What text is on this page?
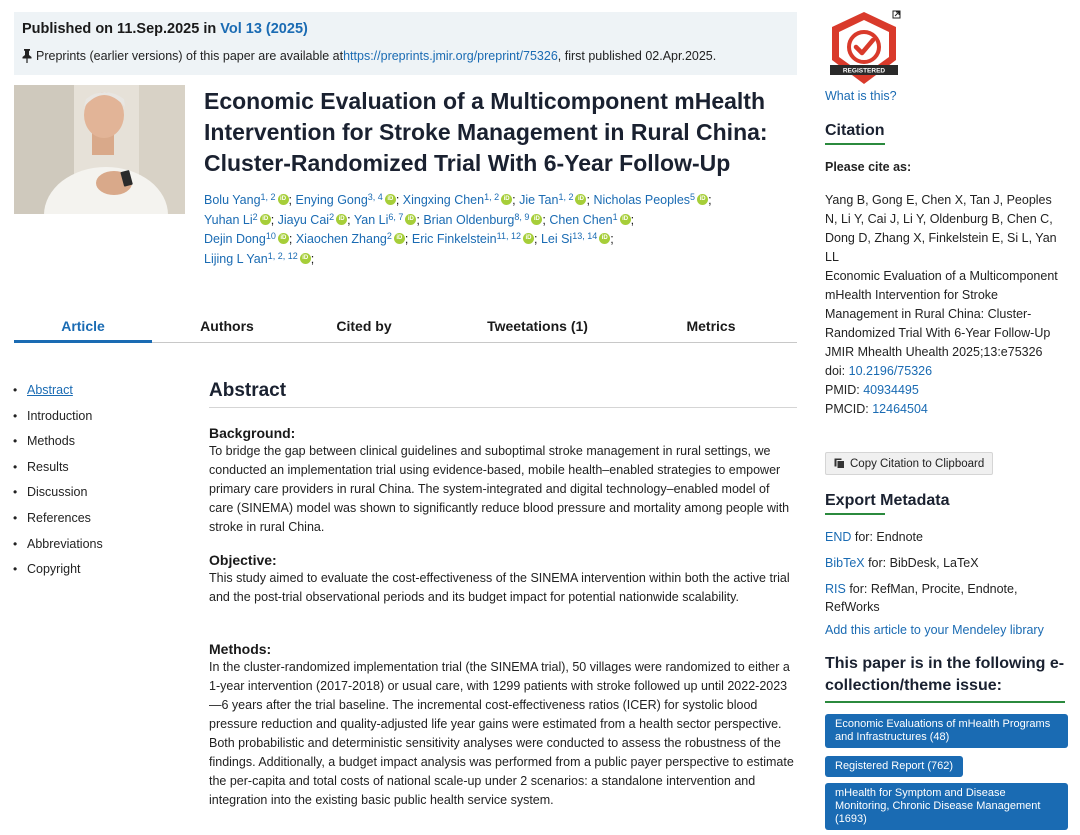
Published on 11.Sep.2025 in Vol 13 (2025)
Preprints (earlier versions) of this paper are available at https://preprints.jmir.org/preprint/75326 , first published 02.Apr.2025.
Economic Evaluation of a Multicomponent mHealth Intervention for Stroke Management in Rural China: Cluster-Randomized Trial With 6-Year Follow-Up
Bolu Yang$^{1, 2}$ iD ; Enying Gong$^{3, 4}$ iD ; Xingxing Chen$^{1, 2}$ iD ; Jie Tan$^{1, 2}$ iD ; Nicholas Peoples$^5$ iD ;
Yuhan Li$^2$ iD ; Jiayu Cai$^2$ iD ; Yan Li$^{6, 7}$ iD ; Brian Oldenburg$^{8, 9}$ iD ; Chen Chen$^1$ iD ;
Dejin Dong$^{10}$ iD ; Xiaochen Zhang$^2$ iD ; Eric Finkelstein$^{11, 12}$ iD ; Lei Si$^{13, 14}$ iD ;
Lijing L Yan$^{1, 2, 12}$ iD ;
Article	Authors	Cited by	Tweetations (1)	Metrics
• Abstract
• Introduction
• Methods
• Results
• Discussion
• References
• Abbreviations
• Copyright
Abstract
Background:

To bridge the gap between clinical guidelines and suboptimal stroke management in rural settings, we conducted an implementation trial using evidence-based, mobile health–enabled strategies to empower primary care providers in rural China. The system-integrated and digital technology–enabled model of care (SINEMA) model was shown to significantly reduce blood pressure and mortality among people with stroke in rural China.

Objective:

This study aimed to evaluate the cost-effectiveness of the SINEMA intervention within both the active trial and the post-trial observational periods and its budget impact for potential nationwide scalability.

Methods:

In the cluster-randomized implementation trial (the SINEMA trial), 50 villages were randomized to either a 1-year intervention (2017-2018) or usual care, with 1299 patients with stroke followed up until 2022-2023—6 years after the trial baseline. The incremental cost-effectiveness ratios (ICER) for systolic blood pressure reduction and quality-adjusted life year gains were estimated from a health sector perspective. Both probabilistic and deterministic sensitivity analyses were conducted to assess the robustness of the findings. Additionally, a budget impact analysis was performed from a public payer perspective to estimate the per-capita and total costs of national scale-up under 2 scenarios: a standalone intervention and integration into the existing basic public health service system.

REGISTERED
What is this?
Citation
Please cite as:
Yang B, Gong E, Chen X, Tan J, Peoples N, Li Y, Cai J, Li Y, Oldenburg B, Chen C, Dong D, Zhang X, Finkelstein E, Si L, Yan LL
Economic Evaluation of a Multicomponent mHealth Intervention for Stroke Management in Rural China: Cluster-Randomized Trial With 6-Year Follow-Up
JMIR Mhealth Uhealth 2025;13:e75326
doi: 10.2196/75326
PMID: 40934495
PMCID: 12464504
Copy Citation to Clipboard
Export Metadata
END for: Endnote
BibTeX for: BibDesk, LaTeX
RIS for: RefMan, Procite, Endnote, RefWorks
Add this article to your Mendeley library
This paper is in the following e-collection/theme issue:
Economic Evaluations of mHealth Programs and Infrastructures (48)
Registered Report (762)
mHealth for Symptom and Disease Monitoring, Chronic Disease Management (1693)
